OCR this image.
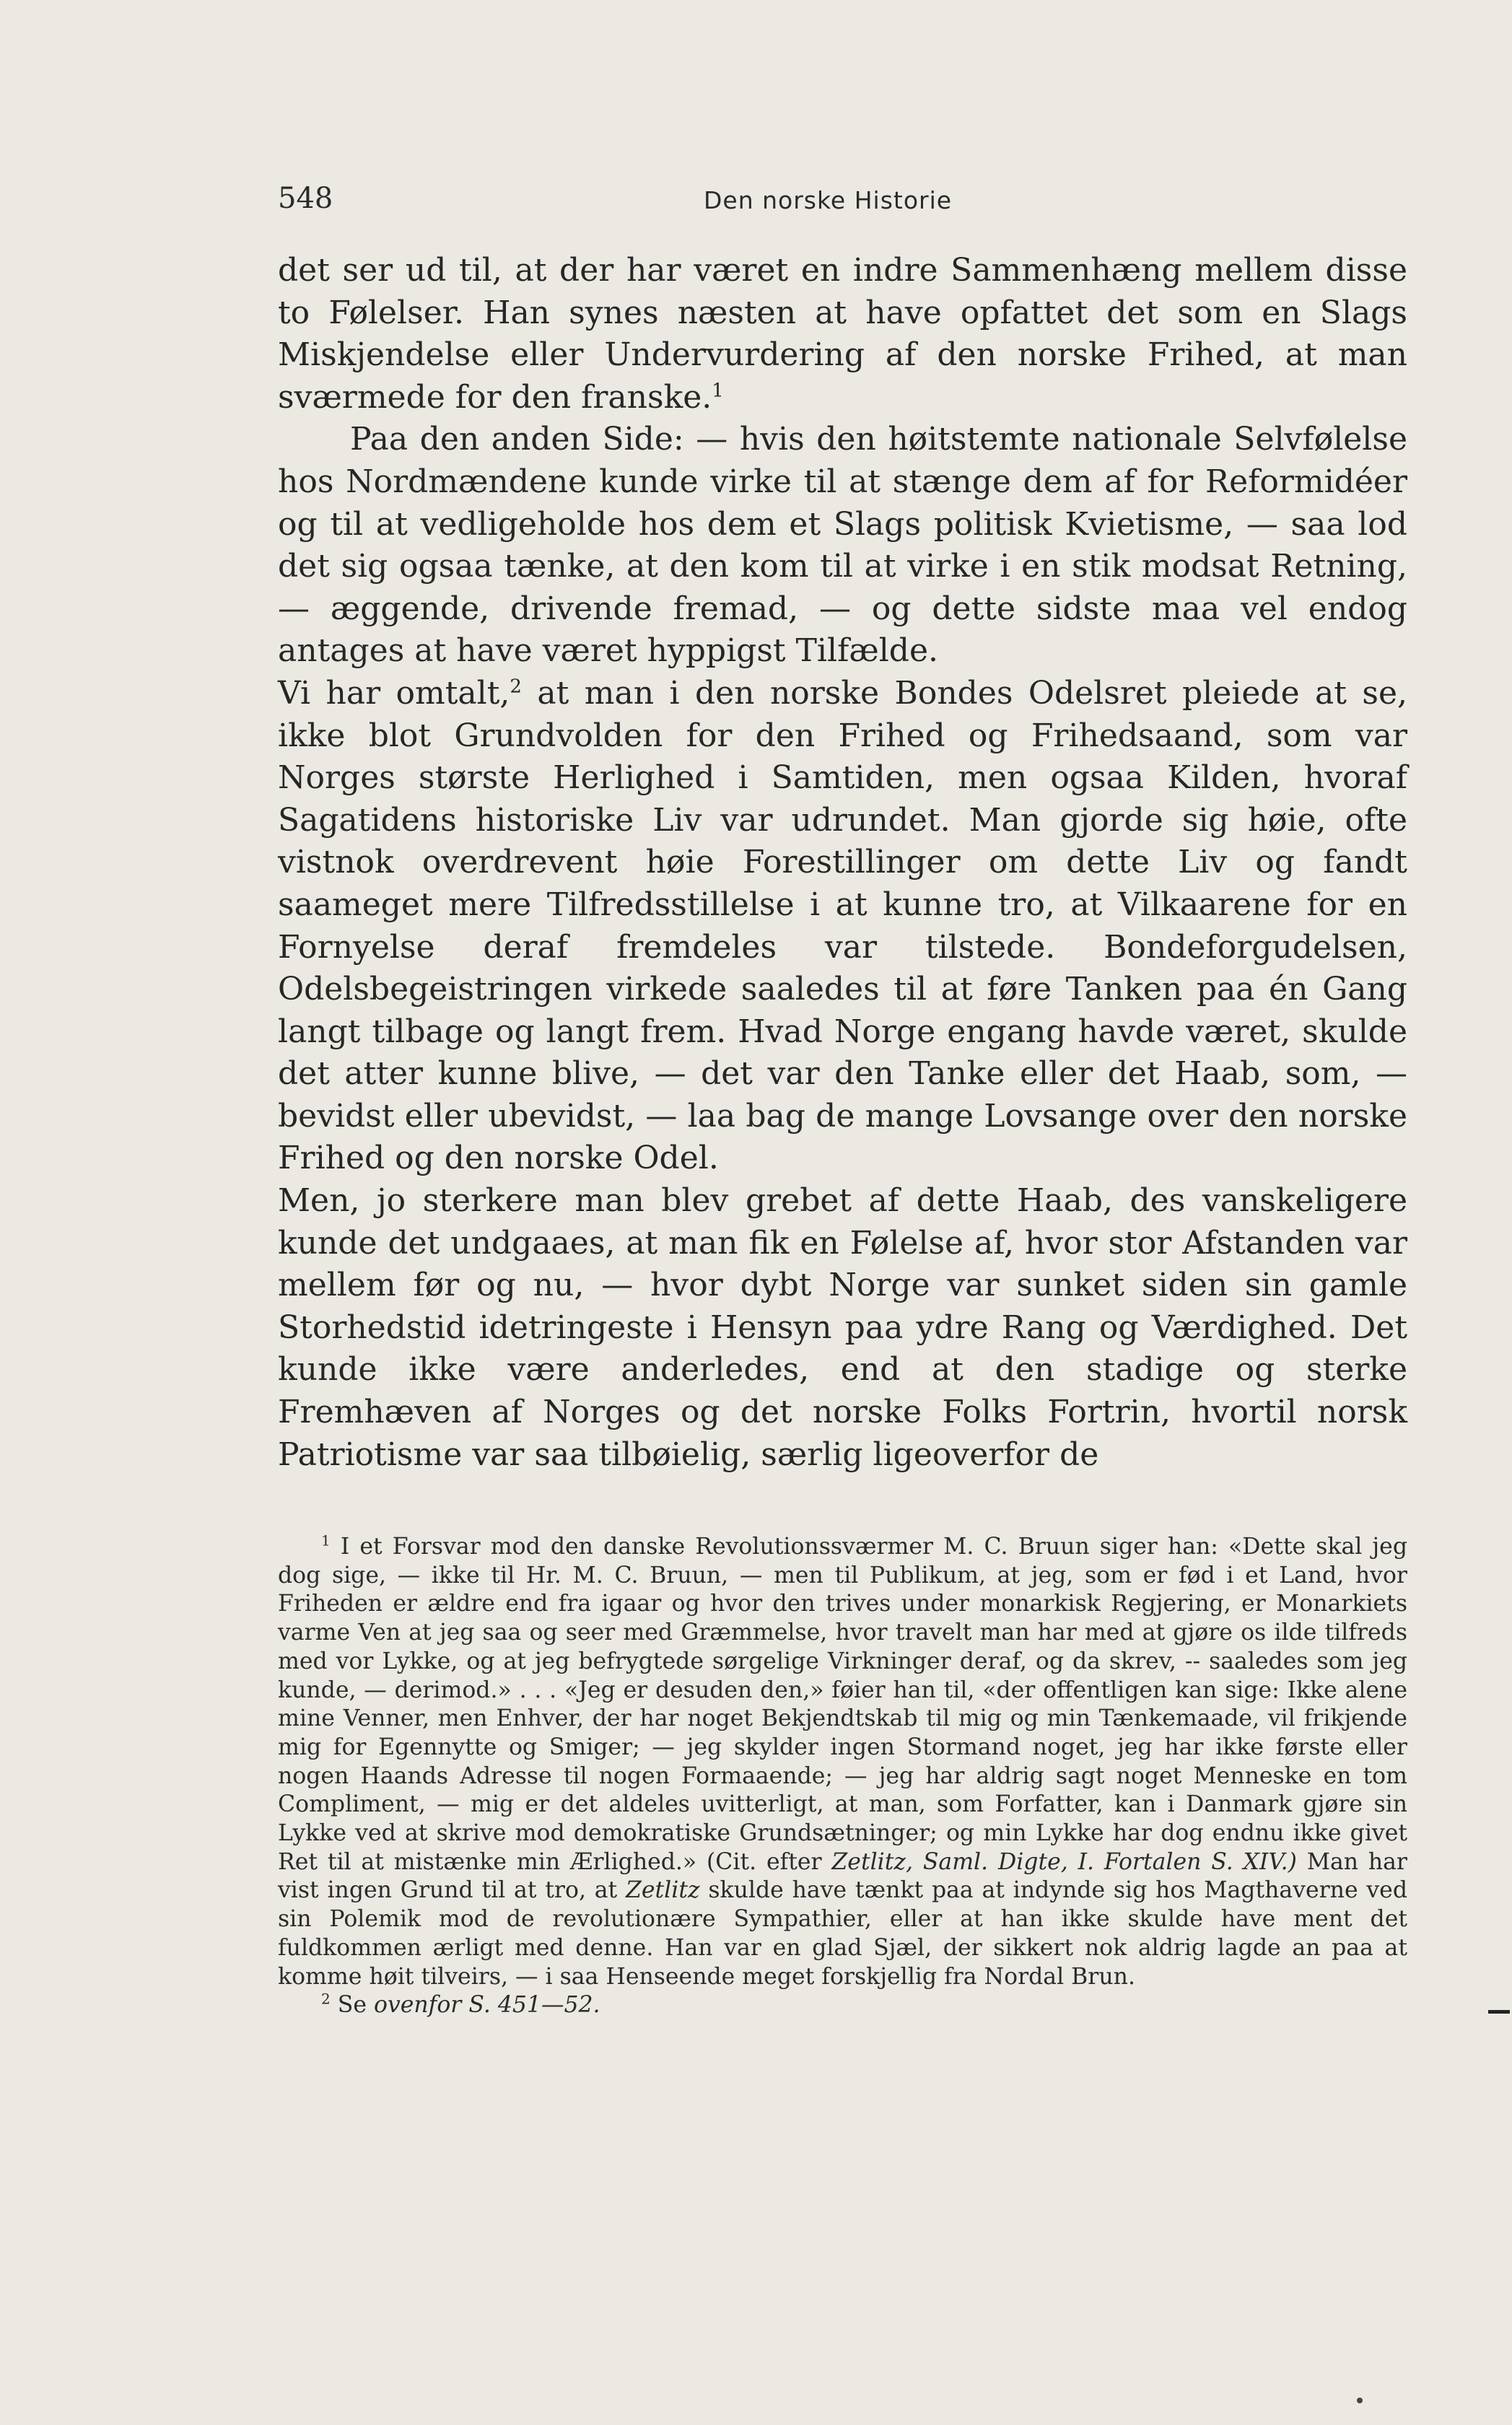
548	Den norske Historie

det ser ud til, at der har været en indre Sammenhæng mellem disse to Følelser. Han synes næsten at have opfattet det som en Slags Miskjendelse eller Undervurdering af den norske Frihed, at man sværmede for den franske.$^1$

Paa den anden Side: — hvis den høitstemte nationale Selvfølelse hos Nordmændene kunde virke til at stænge dem af for Reformidéer og til at vedligeholde hos dem et Slags politisk Kvietisme, — saa lod det sig ogsaa tænke, at den kom til at virke i en stik modsat Retning, — æggende, drivende fremad, — og dette sidste maa vel endog antages at have været hyppigst Tilfælde.

Vi har omtalt,$^2$ at man i den norske Bondes Odelsret pleiede at se, ikke blot Grundvolden for den Frihed og Frihedsaand, som var Norges største Herlighed i Samtiden, men ogsaa Kilden, hvoraf Sagatidens historiske Liv var udrundet. Man gjorde sig høie, ofte vistnok overdrevent høie Forestillinger om dette Liv og fandt saameget mere Tilfredsstillelse i at kunne tro, at Vilkaarene for en Fornyelse deraf fremdeles var tilstede. Bondeforgudelsen, Odelsbegeistringen virkede saaledes til at føre Tanken paa én Gang langt tilbage og langt frem. Hvad Norge engang havde været, skulde det atter kunne blive, — det var den Tanke eller det Haab, som, — bevidst eller ubevidst, — laa bag de mange Lovsange over den norske Frihed og den norske Odel.

Men, jo sterkere man blev grebet af dette Haab, des vanskeligere kunde det undgaaes, at man fik en Følelse af, hvor stor Afstanden var mellem før og nu, — hvor dybt Norge var sunket siden sin gamle Storhedstid idetringeste i Hensyn paa ydre Rang og Værdighed. Det kunde ikke være anderledes, end at den stadige og sterke Fremhæven af Norges og det norske Folks Fortrin, hvortil norsk Patriotisme var saa tilbøielig, særlig ligeoverfor de

$^1$ I et Forsvar mod den danske Revolutionssværmer M. C. Bruun siger han: «Dette skal jeg dog sige, — ikke til Hr. M. C. Bruun, — men til Publikum, at jeg, som er fød i et Land, hvor Friheden er ældre end fra igaar og hvor den trives under monarkisk Regjering, er Monarkiets varme Ven at jeg saa og seer med Græmmelse, hvor travelt man har med at gjøre os ilde tilfreds med vor Lykke, og at jeg befrygtede sørgelige Virkninger deraf, og da skrev, -- saaledes som jeg kunde, — derimod.» . . . «Jeg er desuden den,» føier han til, «der offentligen kan sige: Ikke alene mine Venner, men Enhver, der har noget Bekjendtskab til mig og min Tænkemaade, vil frikjende mig for Egennytte og Smiger; — jeg skylder ingen Stormand noget, jeg har ikke første eller nogen Haands Adresse til nogen Formaaende; — jeg har aldrig sagt noget Menneske en tom Compliment, — mig er det aldeles uvitterligt, at man, som Forfatter, kan i Danmark gjøre sin Lykke ved at skrive mod demokratiske Grundsætninger; og min Lykke har dog endnu ikke givet Ret til at mistænke min Ærlighed.» (Cit. efter Zetlitz, Saml. Digte, I. Fortalen S. XIV.) Man har vist ingen Grund til at tro, at Zetlitz skulde have tænkt paa at indynde sig hos Magthaverne ved sin Polemik mod de revolutionære Sympathier, eller at han ikke skulde have ment det fuldkommen ærligt med denne. Han var en glad Sjæl, der sikkert nok aldrig lagde an paa at komme høit tilveirs, — i saa Henseende meget forskjellig fra Nordal Brun.

$^2$ Se ovenfor S. 451—52.
